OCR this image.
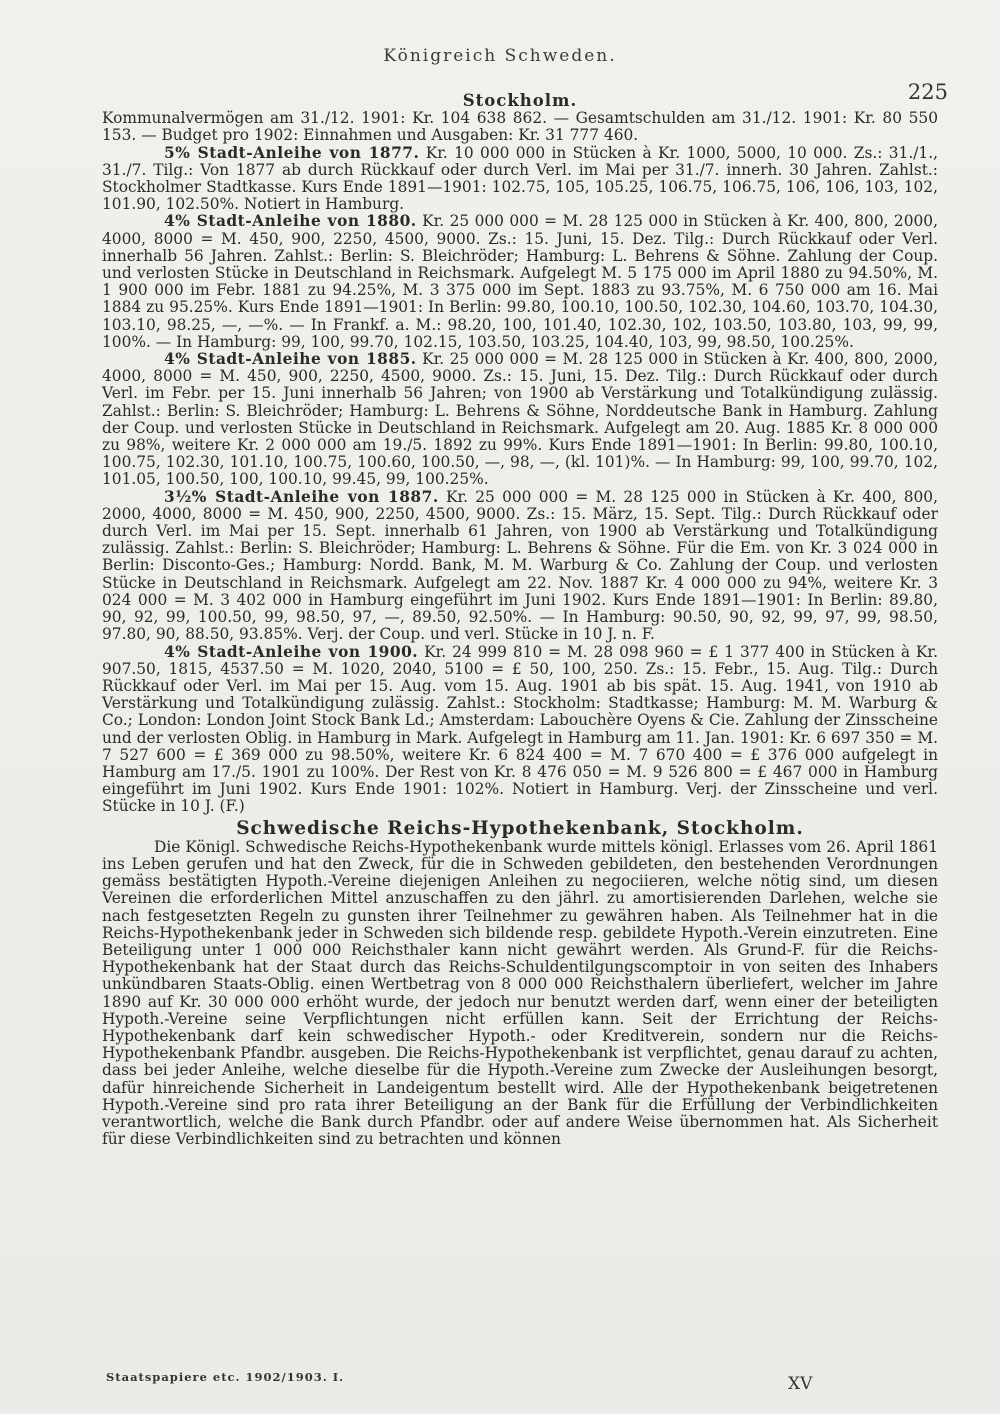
Königreich Schweden.
225
Stockholm.

Kommunalvermögen am 31./12. 1901: Kr. 104 638 862. — Gesamtschulden am 31./12. 1901: Kr. 80 550 153. — Budget pro 1902: Einnahmen und Ausgaben: Kr. 31 777 460.

5% Stadt-Anleihe von 1877. Kr. 10 000 000 in Stücken à Kr. 1000, 5000, 10 000. Zs.: 31./1., 31./7. Tilg.: Von 1877 ab durch Rückkauf oder durch Verl. im Mai per 31./7. innerh. 30 Jahren. Zahlst.: Stockholmer Stadtkasse. Kurs Ende 1891—1901: 102.75, 105, 105.25, 106.75, 106.75, 106, 106, 103, 102, 101.90, 102.50%. Notiert in Hamburg.

4% Stadt-Anleihe von 1880. Kr. 25 000 000 = M. 28 125 000 in Stücken à Kr. 400, 800, 2000, 4000, 8000 = M. 450, 900, 2250, 4500, 9000. Zs.: 15. Juni, 15. Dez. Tilg.: Durch Rückkauf oder Verl. innerhalb 56 Jahren. Zahlst.: Berlin: S. Bleichröder; Hamburg: L. Behrens & Söhne. Zahlung der Coup. und verlosten Stücke in Deutschland in Reichsmark. Aufgelegt M. 5 175 000 im April 1880 zu 94.50%, M. 1 900 000 im Febr. 1881 zu 94.25%, M. 3 375 000 im Sept. 1883 zu 93.75%, M. 6 750 000 am 16. Mai 1884 zu 95.25%. Kurs Ende 1891—1901: In Berlin: 99.80, 100.10, 100.50, 102.30, 104.60, 103.70, 104.30, 103.10, 98.25, —, —%. — In Frankf. a. M.: 98.20, 100, 101.40, 102.30, 102, 103.50, 103.80, 103, 99, 99, 100%. — In Hamburg: 99, 100, 99.70, 102.15, 103.50, 103.25, 104.40, 103, 99, 98.50, 100.25%.

4% Stadt-Anleihe von 1885. Kr. 25 000 000 = M. 28 125 000 in Stücken à Kr. 400, 800, 2000, 4000, 8000 = M. 450, 900, 2250, 4500, 9000. Zs.: 15. Juni, 15. Dez. Tilg.: Durch Rückkauf oder durch Verl. im Febr. per 15. Juni innerhalb 56 Jahren; von 1900 ab Verstärkung und Totalkündigung zulässig. Zahlst.: Berlin: S. Bleichröder; Hamburg: L. Behrens & Söhne, Norddeutsche Bank in Hamburg. Zahlung der Coup. und verlosten Stücke in Deutschland in Reichsmark. Aufgelegt am 20. Aug. 1885 Kr. 8 000 000 zu 98%, weitere Kr. 2 000 000 am 19./5. 1892 zu 99%. Kurs Ende 1891—1901: In Berlin: 99.80, 100.10, 100.75, 102.30, 101.10, 100.75, 100.60, 100.50, —, 98, —, (kl. 101)%. — In Hamburg: 99, 100, 99.70, 102, 101.05, 100.50, 100, 100.10, 99.45, 99, 100.25%.

3½% Stadt-Anleihe von 1887. Kr. 25 000 000 = M. 28 125 000 in Stücken à Kr. 400, 800, 2000, 4000, 8000 = M. 450, 900, 2250, 4500, 9000. Zs.: 15. März, 15. Sept. Tilg.: Durch Rückkauf oder durch Verl. im Mai per 15. Sept. innerhalb 61 Jahren, von 1900 ab Verstärkung und Totalkündigung zulässig. Zahlst.: Berlin: S. Bleichröder; Hamburg: L. Behrens & Söhne. Für die Em. von Kr. 3 024 000 in Berlin: Disconto-Ges.; Hamburg: Nordd. Bank, M. M. Warburg & Co. Zahlung der Coup. und verlosten Stücke in Deutschland in Reichsmark. Aufgelegt am 22. Nov. 1887 Kr. 4 000 000 zu 94%, weitere Kr. 3 024 000 = M. 3 402 000 in Hamburg eingeführt im Juni 1902. Kurs Ende 1891—1901: In Berlin: 89.80, 90, 92, 99, 100.50, 99, 98.50, 97, —, 89.50, 92.50%. — In Hamburg: 90.50, 90, 92, 99, 97, 99, 98.50, 97.80, 90, 88.50, 93.85%. Verj. der Coup. und verl. Stücke in 10 J. n. F.

4% Stadt-Anleihe von 1900. Kr. 24 999 810 = M. 28 098 960 = £ 1 377 400 in Stücken à Kr. 907.50, 1815, 4537.50 = M. 1020, 2040, 5100 = £ 50, 100, 250. Zs.: 15. Febr., 15. Aug. Tilg.: Durch Rückkauf oder Verl. im Mai per 15. Aug. vom 15. Aug. 1901 ab bis spät. 15. Aug. 1941, von 1910 ab Verstärkung und Totalkündigung zulässig. Zahlst.: Stockholm: Stadtkasse; Hamburg: M. M. Warburg & Co.; London: London Joint Stock Bank Ld.; Amsterdam: Labouchère Oyens & Cie. Zahlung der Zinsscheine und der verlosten Oblig. in Hamburg in Mark. Aufgelegt in Hamburg am 11. Jan. 1901: Kr. 6 697 350 = M. 7 527 600 = £ 369 000 zu 98.50%, weitere Kr. 6 824 400 = M. 7 670 400 = £ 376 000 aufgelegt in Hamburg am 17./5. 1901 zu 100%. Der Rest von Kr. 8 476 050 = M. 9 526 800 = £ 467 000 in Hamburg eingeführt im Juni 1902. Kurs Ende 1901: 102%. Notiert in Hamburg. Verj. der Zinsscheine und verl. Stücke in 10 J. (F.)

Schwedische Reichs-Hypothekenbank, Stockholm.

Die Königl. Schwedische Reichs-Hypothekenbank wurde mittels königl. Erlasses vom 26. April 1861 ins Leben gerufen und hat den Zweck, für die in Schweden gebildeten, den bestehenden Verordnungen gemäss bestätigten Hypoth.-Vereine diejenigen Anleihen zu negociieren, welche nötig sind, um diesen Vereinen die erforderlichen Mittel anzuschaffen zu den jährl. zu amortisierenden Darlehen, welche sie nach festgesetzten Regeln zu gunsten ihrer Teilnehmer zu gewähren haben. Als Teilnehmer hat in die Reichs-Hypothekenbank jeder in Schweden sich bildende resp. gebildete Hypoth.-Verein einzutreten. Eine Beteiligung unter 1 000 000 Reichsthaler kann nicht gewährt werden. Als Grund-F. für die Reichs-Hypothekenbank hat der Staat durch das Reichs-Schuldentilgungscomptoir in von seiten des Inhabers unkündbaren Staats-Oblig. einen Wertbetrag von 8 000 000 Reichsthalern überliefert, welcher im Jahre 1890 auf Kr. 30 000 000 erhöht wurde, der jedoch nur benutzt werden darf, wenn einer der beteiligten Hypoth.-Vereine seine Verpflichtungen nicht erfüllen kann. Seit der Errichtung der Reichs-Hypothekenbank darf kein schwedischer Hypoth.- oder Kreditverein, sondern nur die Reichs-Hypothekenbank Pfandbr. ausgeben. Die Reichs-Hypothekenbank ist verpflichtet, genau darauf zu achten, dass bei jeder Anleihe, welche dieselbe für die Hypoth.-Vereine zum Zwecke der Ausleihungen besorgt, dafür hinreichende Sicherheit in Landeigentum bestellt wird. Alle der Hypothekenbank beigetretenen Hypoth.-Vereine sind pro rata ihrer Beteiligung an der Bank für die Erfüllung der Verbindlichkeiten verantwortlich, welche die Bank durch Pfandbr. oder auf andere Weise übernommen hat. Als Sicherheit für diese Verbindlichkeiten sind zu betrachten und können

Staatspapiere etc. 1902/1903. I.	XV
